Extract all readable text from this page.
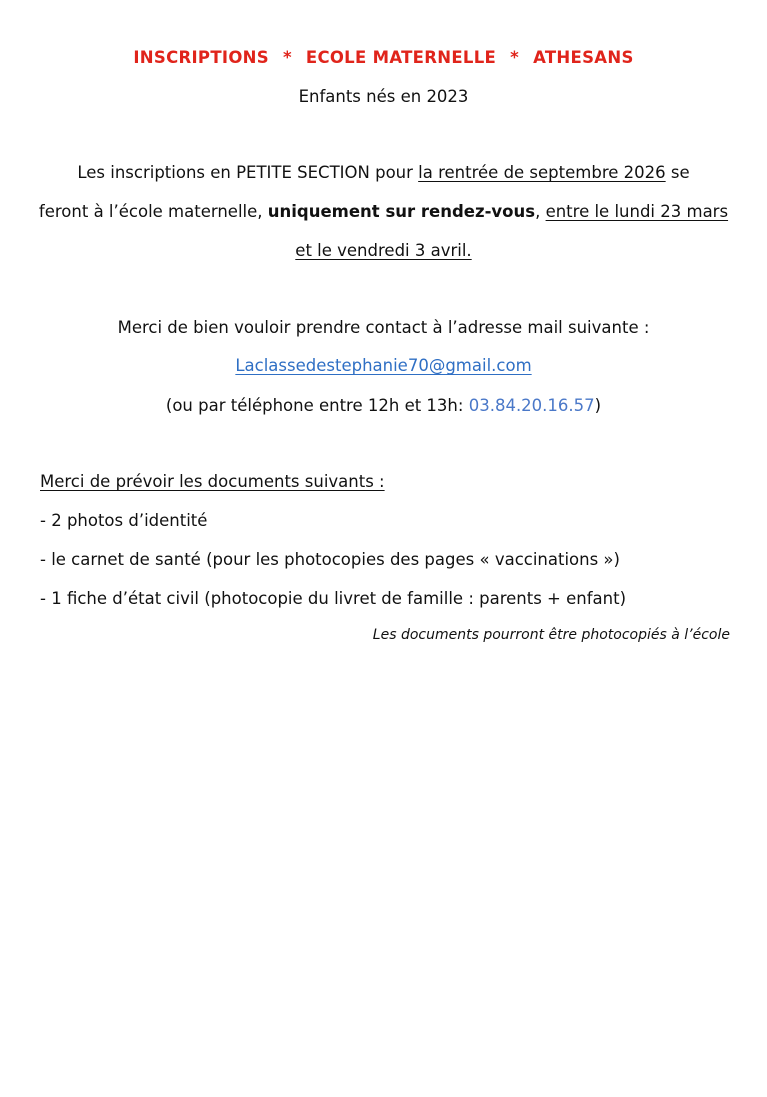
INSCRIPTIONS * ECOLE MATERNELLE * ATHESANS
Enfants nés en 2023
Les inscriptions en PETITE SECTION pour la rentrée de septembre 2026 se
feront à l’école maternelle, uniquement sur rendez-vous, entre le lundi 23 mars
et le vendredi 3 avril.
Merci de bien vouloir prendre contact à l’adresse mail suivante :
Laclassedestephanie70@gmail.com
(ou par téléphone entre 12h et 13h: 03.84.20.16.57)
Merci de prévoir les documents suivants :
- 2 photos d’identité
- le carnet de santé (pour les photocopies des pages « vaccinations »)
- 1 fiche d’état civil (photocopie du livret de famille : parents + enfant)
Les documents pourront être photocopiés à l’école
